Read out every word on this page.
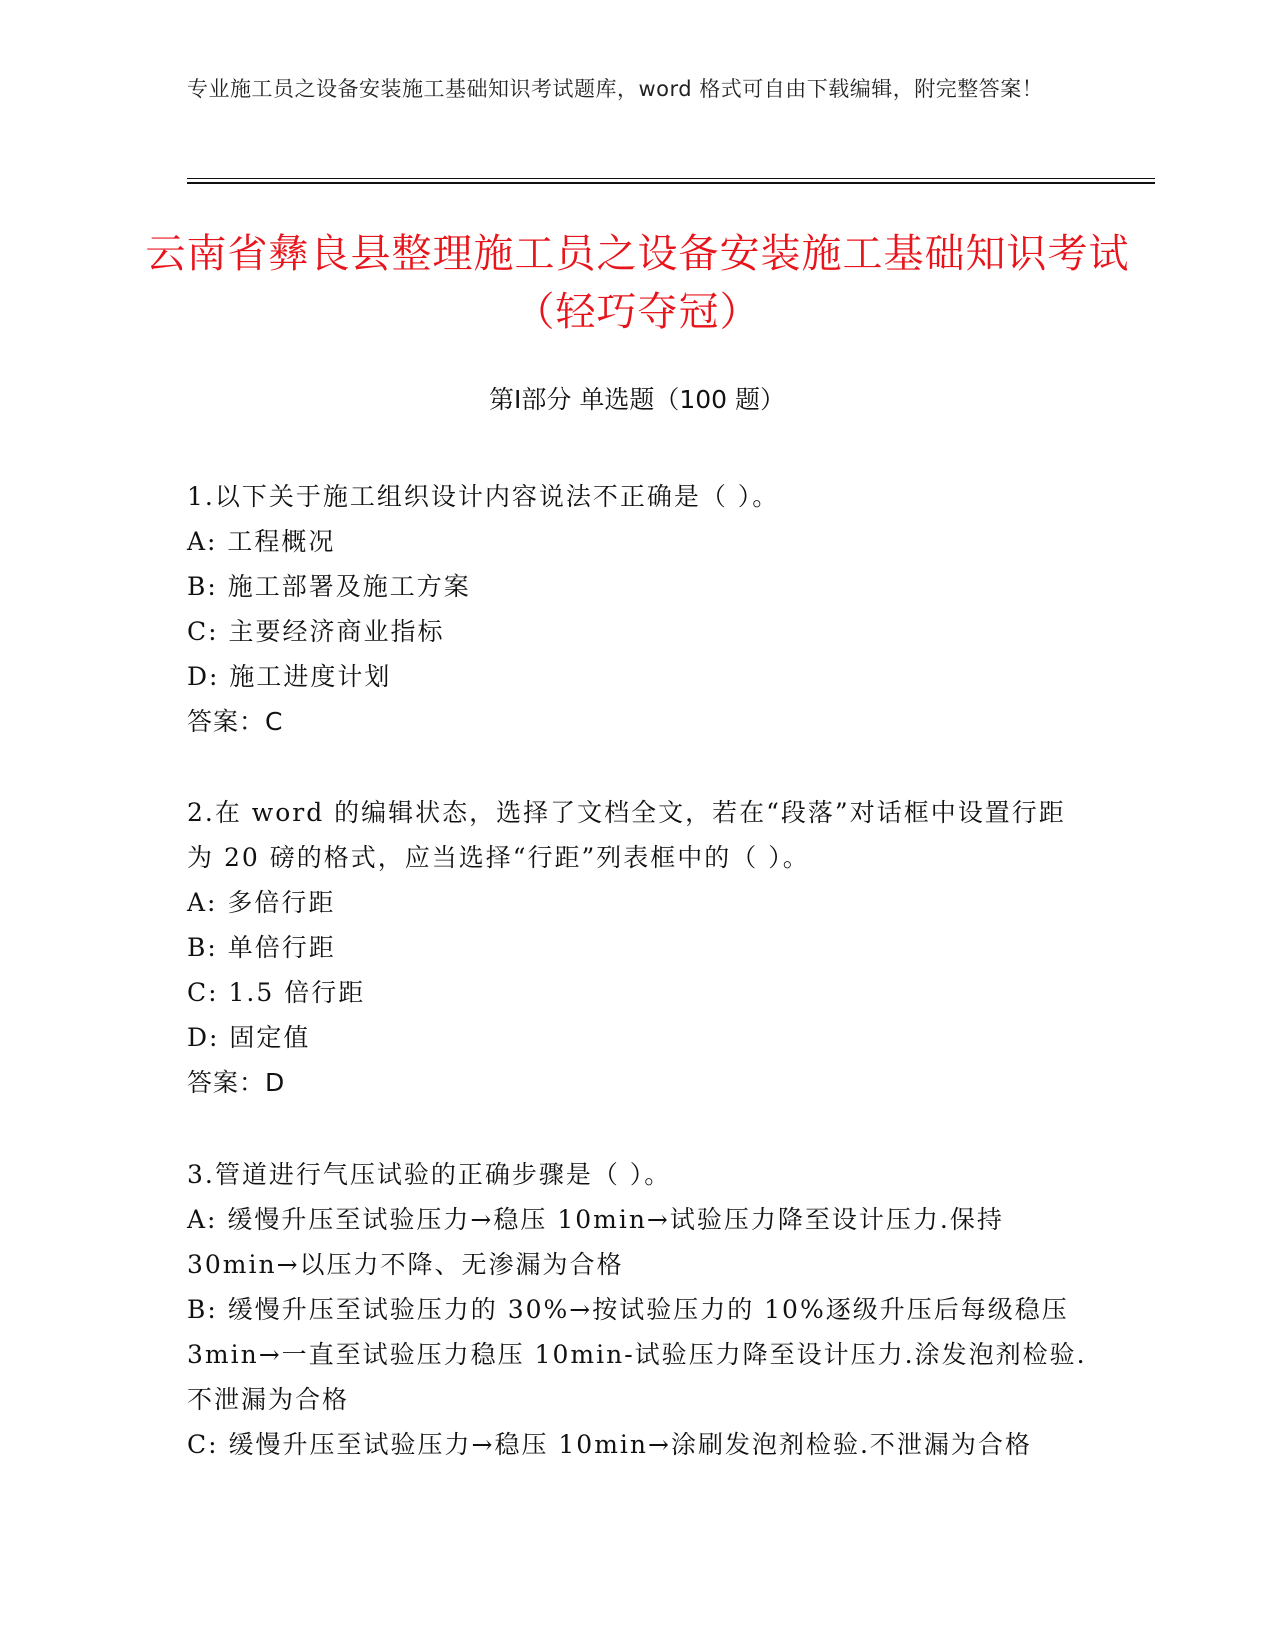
专业施工员之设备安装施工基础知识考试题库，word 格式可自由下载编辑，附完整答案！
云南省彝良县整理施工员之设备安装施工基础知识考试（轻巧夺冠）
第Ⅰ部分 单选题（100 题）
1.以下关于施工组织设计内容说法不正确是（ ）。
A: 工程概况
B: 施工部署及施工方案
C: 主要经济商业指标
D: 施工进度计划
答案：C
2.在 word 的编辑状态，选择了文档全文，若在“段落”对话框中设置行距为 20 磅的格式，应当选择“行距”列表框中的（ ）。
A: 多倍行距
B: 单倍行距
C: 1.5 倍行距
D: 固定值
答案：D
3.管道进行气压试验的正确步骤是（ ）。
A: 缓慢升压至试验压力→稳压 10min→试验压力降至设计压力.保持30min→以压力不降、无渗漏为合格
B: 缓慢升压至试验压力的 30%→按试验压力的 10%逐级升压后每级稳压 3min→一直至试验压力稳压 10min-试验压力降至设计压力.涂发泡剂检验.不泄漏为合格
C: 缓慢升压至试验压力→稳压 10min→涂刷发泡剂检验.不泄漏为合格
